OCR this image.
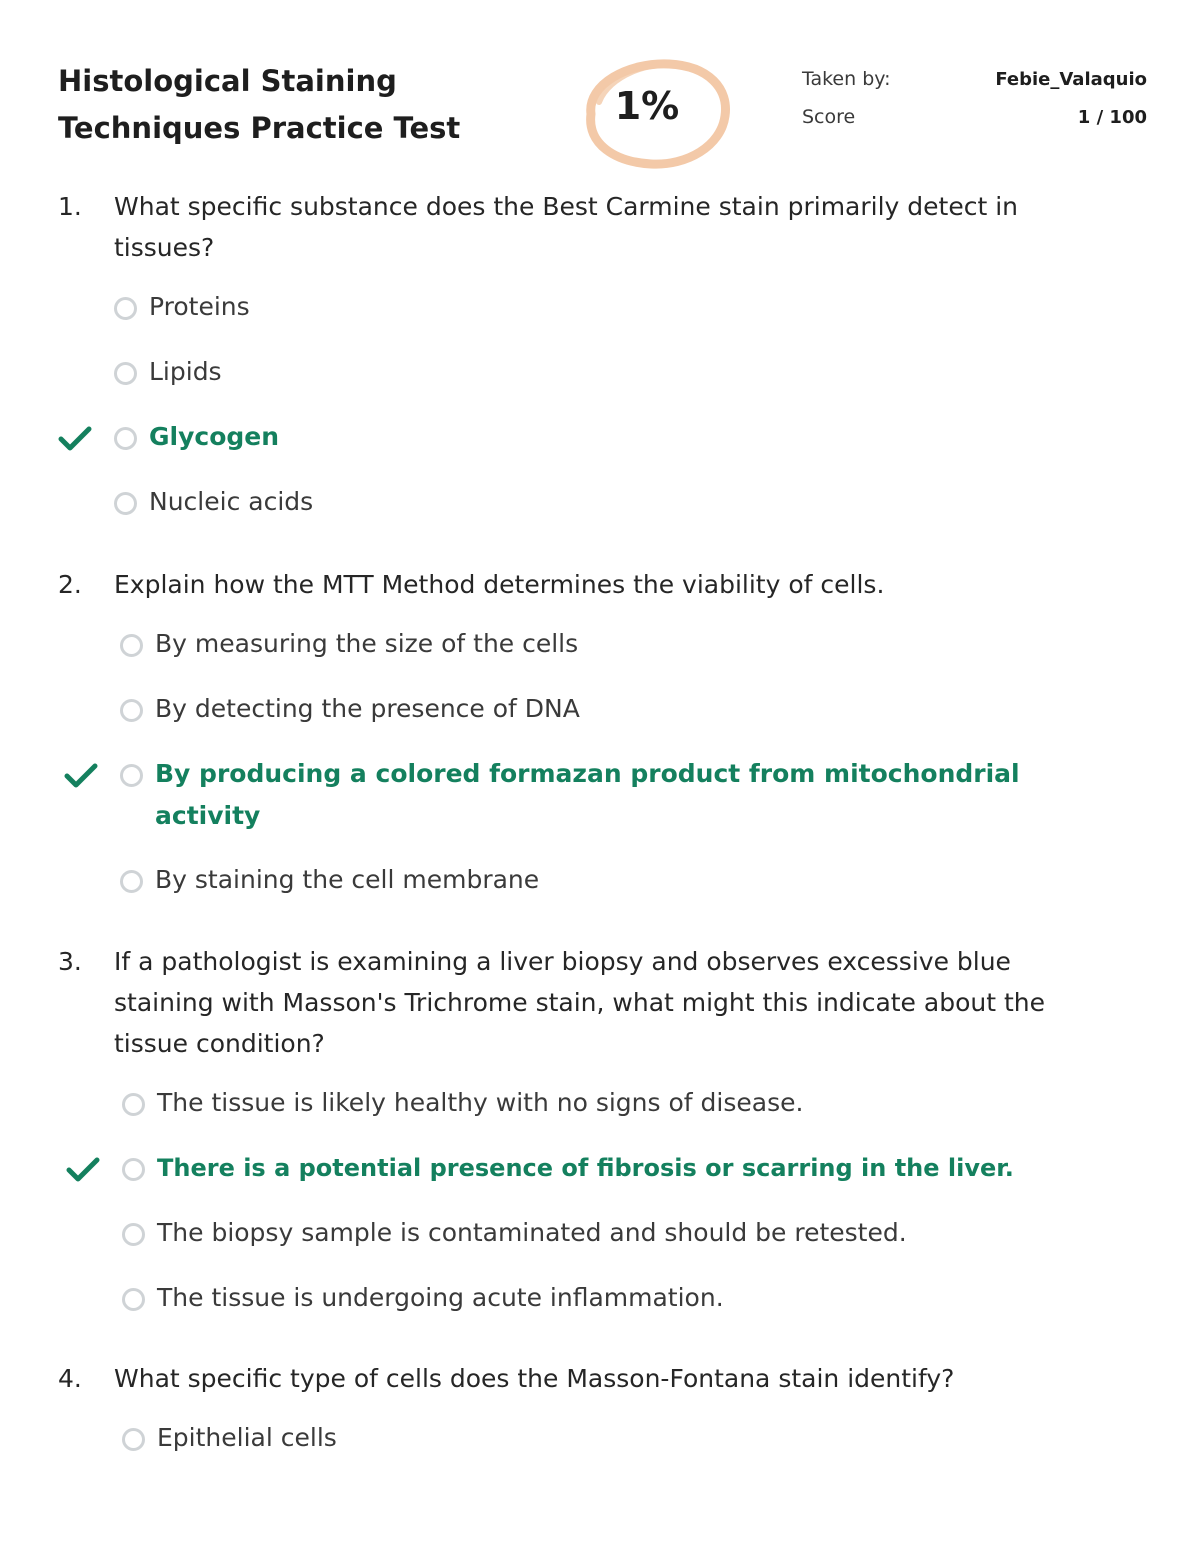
Histological Staining
Techniques Practice Test	1%
Taken by:	Febie_Valaquio
Score	1 / 100
1.	What specific substance does the Best Carmine stain primarily detect in tissues?
Proteins
Lipids
Glycogen
Nucleic acids
2.	Explain how the MTT Method determines the viability of cells.
By measuring the size of the cells
By detecting the presence of DNA
By producing a colored formazan product from mitochondrial activity
By staining the cell membrane
3.	If a pathologist is examining a liver biopsy and observes excessive blue staining with Masson's Trichrome stain, what might this indicate about the tissue condition?
The tissue is likely healthy with no signs of disease.
There is a potential presence of fibrosis or scarring in the liver.
The biopsy sample is contaminated and should be retested.
The tissue is undergoing acute inflammation.
4.	What specific type of cells does the Masson-Fontana stain identify?
Epithelial cells
